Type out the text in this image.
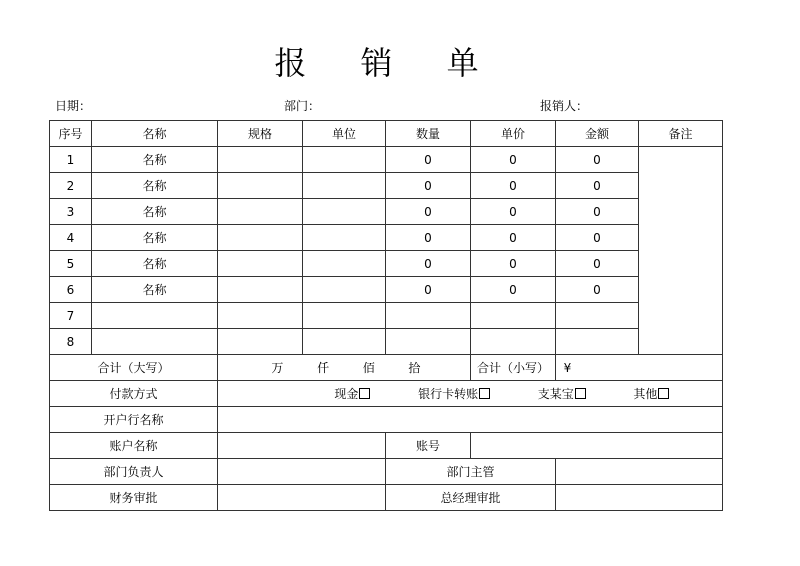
报 销 单
日期：	部门：	报销人：
序号	名称	规格	单位	数量	单价	金额	备注
1	名称			0	0	0	
2	名称			0	0	0	
3	名称			0	0	0	
4	名称			0	0	0	
5	名称			0	0	0	
6	名称			0	0	0	
7							
8							
合计（大写）		万 仟 佰 拾			合计（小写）	¥	
付款方式		现金 银行卡转账 支某宝 其他					
开户行名称							
账户名称				账号			
部门负责人				部门主管			
财务审批				总经理审批			
